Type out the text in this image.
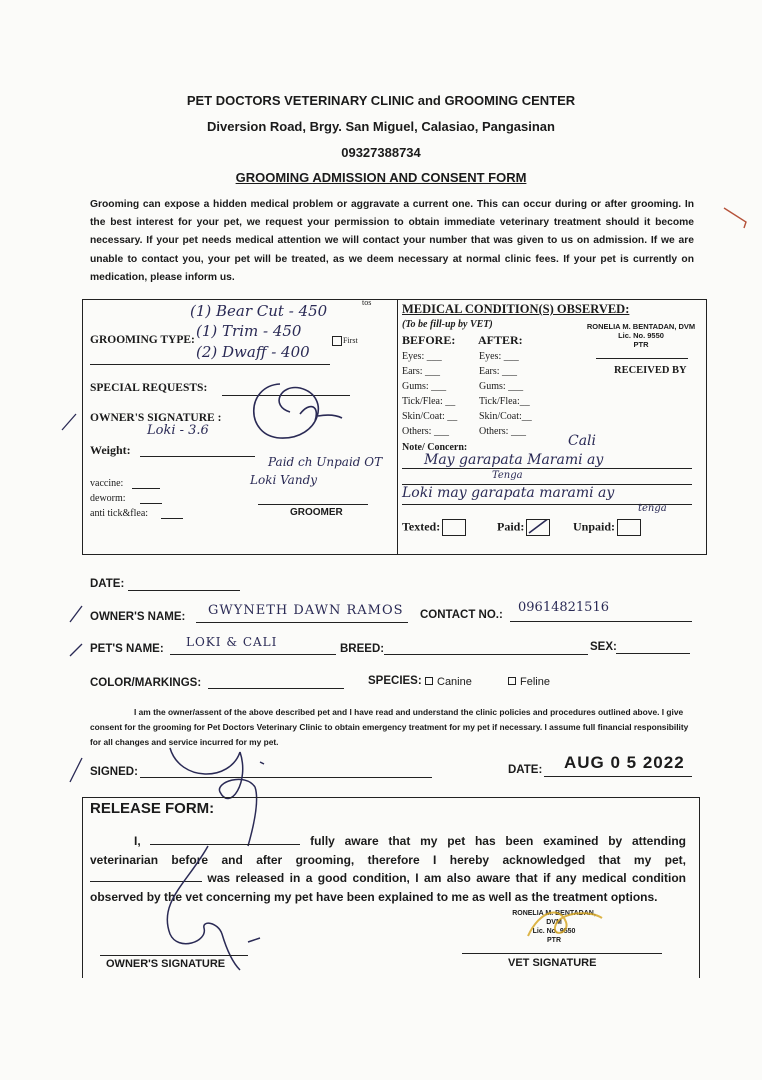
PET DOCTORS VETERINARY CLINIC and GROOMING CENTER
Diversion Road, Brgy. San Miguel, Calasiao, Pangasinan
09327388734
GROOMING ADMISSION AND CONSENT FORM
Grooming can expose a hidden medical problem or aggravate a current one. This can occur during or after grooming. In the best interest for your pet, we request your permission to obtain immediate veterinary treatment should it become necessary. If your pet needs medical attention we will contact your number that was given to us on admission. If we are unable to contact you, your pet will be treated, as we deem necessary at normal clinic fees. If your pet is currently on medication, please inform us.
GROOMING TYPE:	First
tos
SPECIAL REQUESTS:
OWNER'S SIGNATURE :
Weight:
vaccine:
deworm:
anti tick&flea:	GROOMER
(1) Bear Cut - 450
(1) Trim - 450
(2) Dwaff - 400
Loki - 3.6
Paid ch Unpaid OT
Loki Vandy
MEDICAL CONDITION(S) OBSERVED:
(To be fill-up by VET)
BEFORE: AFTER:
RONELIA M. BENTADAN, DVM
Lic. No. 9550
PTR
RECEIVED BY
Eyes: ___	Eyes: ___
Ears: ___	Ears: ___
Gums: ___	Gums: ___
Tick/Flea: __ Tick/Flea:__
Skin/Coat: __ Skin/Coat:__
Others: ___	Others: ___
Note/ Concern:	Cali
May garapata Marami ay
Tenga
Loki may garapata marami ay
tenga
Texted:	Paid:	Unpaid:
DATE:
OWNER'S NAME: GWYNETH DAWN RAMOS CONTACT NO.: 09614821516
PET'S NAME: LOKI & CALI	BREED:	SEX:
COLOR/MARKINGS:	SPECIES:	Canine	Feline
I am the owner/assent of the above described pet and I have read and understand the clinic policies and procedures outlined above. I give consent for the grooming for Pet Doctors Veterinary Clinic to obtain emergency treatment for my pet if necessary. I assume full financial responsibility for all changes and service incurred for my pet.
SIGNED:	DATE: AUG 0 5 2022
RELEASE FORM:
I,	fully aware that my pet has been examined by attending veterinarian before and after grooming, therefore I hereby acknowledged that my pet,  was released in a good condition, I am also aware that if any medical condition observed by the vet concerning my pet have been explained to me as well as the treatment options.
RONELIA M. BENTADAN, DVM
Lic. No. 9550
PTR
OWNER'S SIGNATURE	VET SIGNATURE
